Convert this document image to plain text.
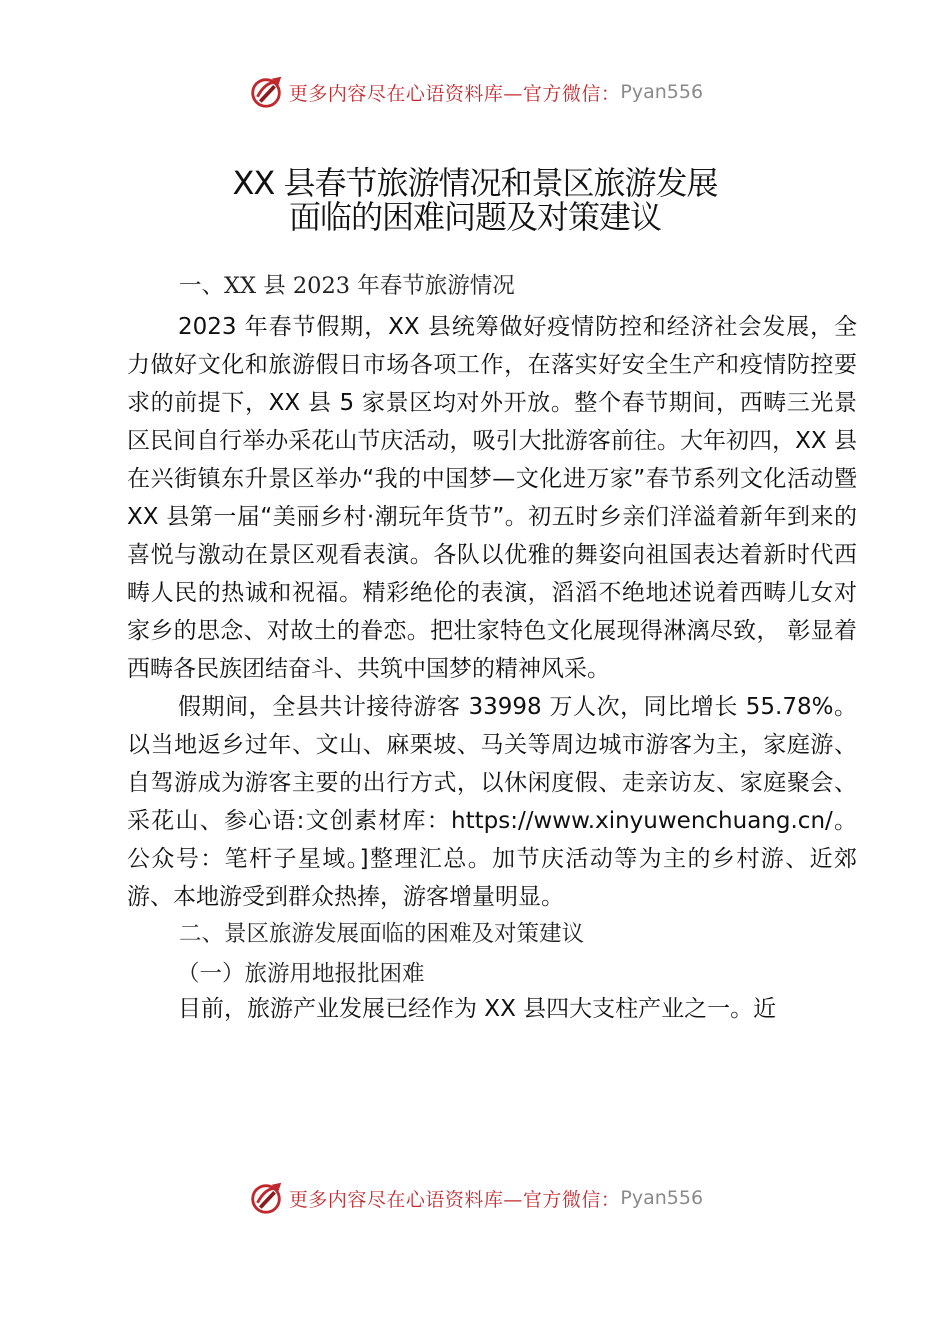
更多内容尽在心语资料库—官方微信： Pyan556
XX 县春节旅游情况和景区旅游发展
面临的困难问题及对策建议

一、XX 县 2023 年春节旅游情况

2023 年春节假期，XX 县统筹做好疫情防控和经济社会发展，全力做好文化和旅游假日市场各项工作，在落实好安全生产和疫情防控要求的前提下，XX 县 5 家景区均对外开放。整个春节期间，西畴三光景区民间自行举办采花山节庆活动，吸引大批游客前往。大年初四，XX 县在兴街镇东升景区举办“我的中国梦—文化进万家”春节系列文化活动暨 XX 县第一届“美丽乡村·潮玩年货节”。初五时乡亲们洋溢着新年到来的喜悦与激动在景区观看表演。各队以优雅的舞姿向祖国表达着新时代西畴人民的热诚和祝福。精彩绝伦的表演，滔滔不绝地述说着西畴儿女对家乡的思念、对故土的眷恋。把壮家特色文化展现得淋漓尽致， 彰显着西畴各民族团结奋斗、共筑中国梦的精神风采。

假期间，全县共计接待游客 33998 万人次，同比增长 55.78%。以当地返乡过年、文山、麻栗坡、马关等周边城市游客为主，家庭游、自驾游成为游客主要的出行方式，以休闲度假、走亲访友、家庭聚会、采花山、参心语:文创素材库：https://www.xinyuwenchuang.cn/。公众号：笔杆子星域。]整理汇总。加节庆活动等为主的乡村游、近郊游、本地游受到群众热捧，游客增量明显。

二、景区旅游发展面临的困难及对策建议

（一）旅游用地报批困难

目前，旅游产业发展已经作为 XX 县四大支柱产业之一。近

更多内容尽在心语资料库—官方微信： Pyan556
